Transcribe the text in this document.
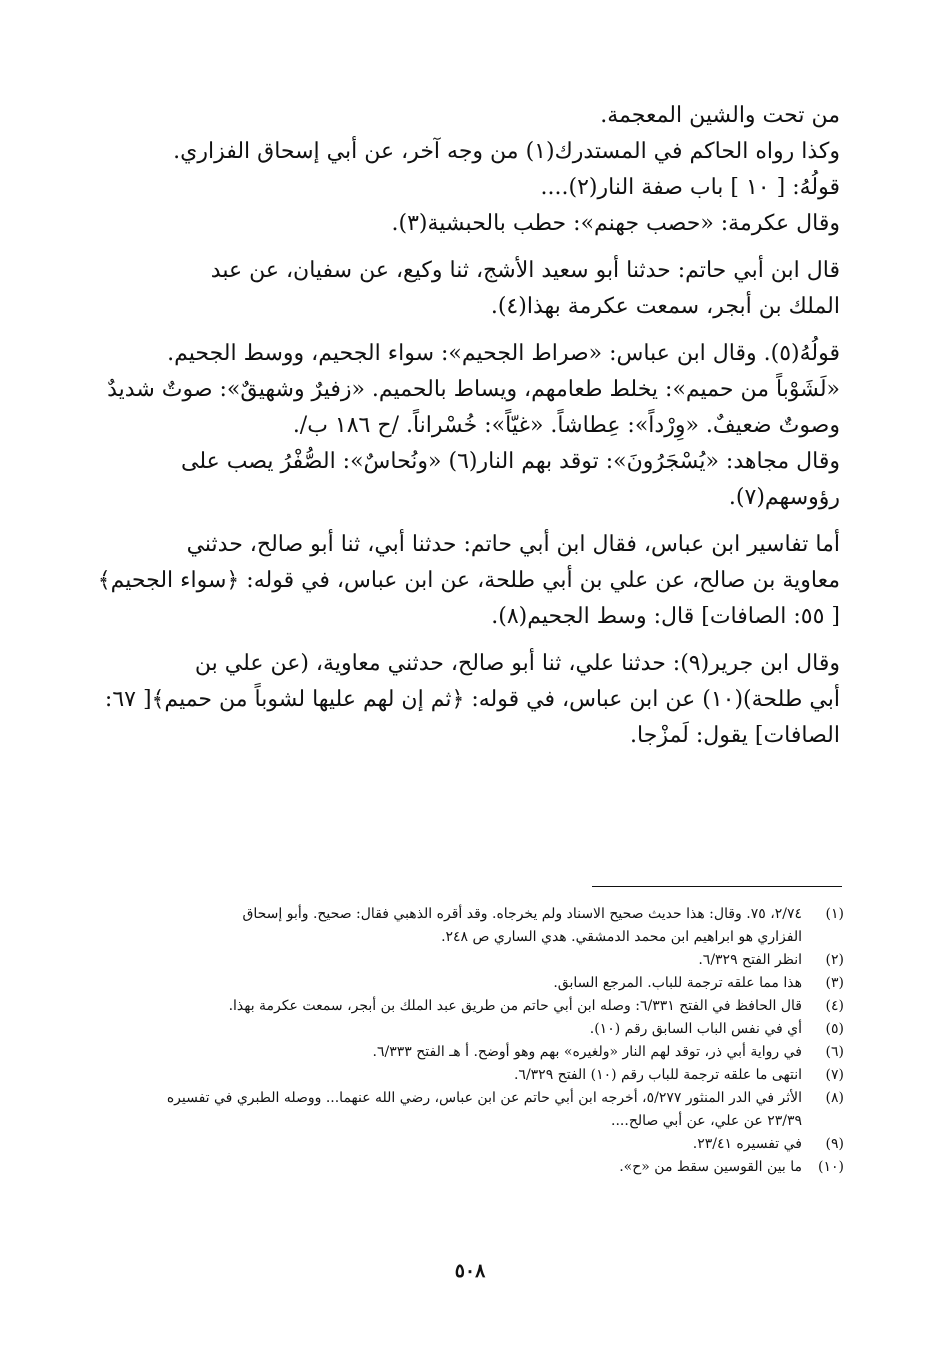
من تحت والشين المعجمة.
وكذا رواه الحاكم في المستدرك(١) من وجه آخر، عن أبي إسحاق الفزاري.
قولُهُ: [ ١٠ ] باب صفة النار(٢)....
وقال عكرمة: «حصب جهنم»: حطب بالحبشية(٣).
قال ابن أبي حاتم: حدثنا أبو سعيد الأشج، ثنا وكيع، عن سفيان، عن عبد
الملك بن أبجر، سمعت عكرمة بهذا(٤).
قولُهُ(٥). وقال ابن عباس: «صراط الجحيم»: سواء الجحيم، ووسط الجحيم.
«لَشَوْباً من حميم»: يخلط طعامهم، ويساط بالحميم. «زفيرٌ وشهيقٌ»: صوتٌ شديدٌ
وصوتٌ ضعيفٌ. «وِرْداً»: عِطاشاً. «غيّاً»: خُسْراناً. /ح ١٨٦ ب/.
وقال مجاهد: «يُسْجَرُونَ»: توقد بهم النار(٦) «ونُحاسٌ»: الصُّفْرُ يصب على
رؤوسهم(٧).
أما تفاسير ابن عباس، فقال ابن أبي حاتم: حدثنا أبي، ثنا أبو صالح، حدثني
معاوية بن صالح، عن علي بن أبي طلحة، عن ابن عباس، في قوله: ﴿سواء الجحيم﴾
[ ٥٥: الصافات] قال: وسط الجحيم(٨).
وقال ابن جرير(٩): حدثنا علي، ثنا أبو صالح، حدثني معاوية، (عن علي بن
أبي طلحة)(١٠) عن ابن عباس، في قوله: ﴿ثم إن لهم عليها لشوباً من حميم﴾[ ٦٧:
الصافات] يقول: لَمزْجا.
(١)
٢/٧٤، ٧٥. وقال: هذا حديث صحيح الاسناد ولم يخرجاه. وقد أقره الذهبي فقال: صحيح. وأبو إسحاق
الفزاري هو ابراهيم ابن محمد الدمشقي. هدي الساري ص ٢٤٨.
(٢)
انظر الفتح ٦/٣٢٩.
(٣)
هذا مما علقه ترجمة للباب. المرجع السابق.
(٤)
قال الحافظ في الفتح ٦/٣٣١: وصله ابن أبي حاتم من طريق عبد الملك بن أبجر، سمعت عكرمة بهذا.
(٥)
أي في نفس الباب السابق رقم (١٠).
(٦)
في رواية أبي ذر، توقد لهم النار «ولغيره» بهم وهو أوضح. أ هـ الفتح ٦/٣٣٣.
(٧)
انتهى ما علقه ترجمة للباب رقم (١٠) الفتح ٦/٣٢٩.
(٨)
الأثر في الدر المنثور ٥/٢٧٧، أخرجه ابن أبي حاتم عن ابن عباس، رضي الله عنهما... ووصله الطبري في تفسيره
٢٣/٣٩ عن علي، عن أبي صالح....
(٩)
في تفسيره ٢٣/٤١.
(١٠)
ما بين القوسين سقط من «ح».
٥٠٨
